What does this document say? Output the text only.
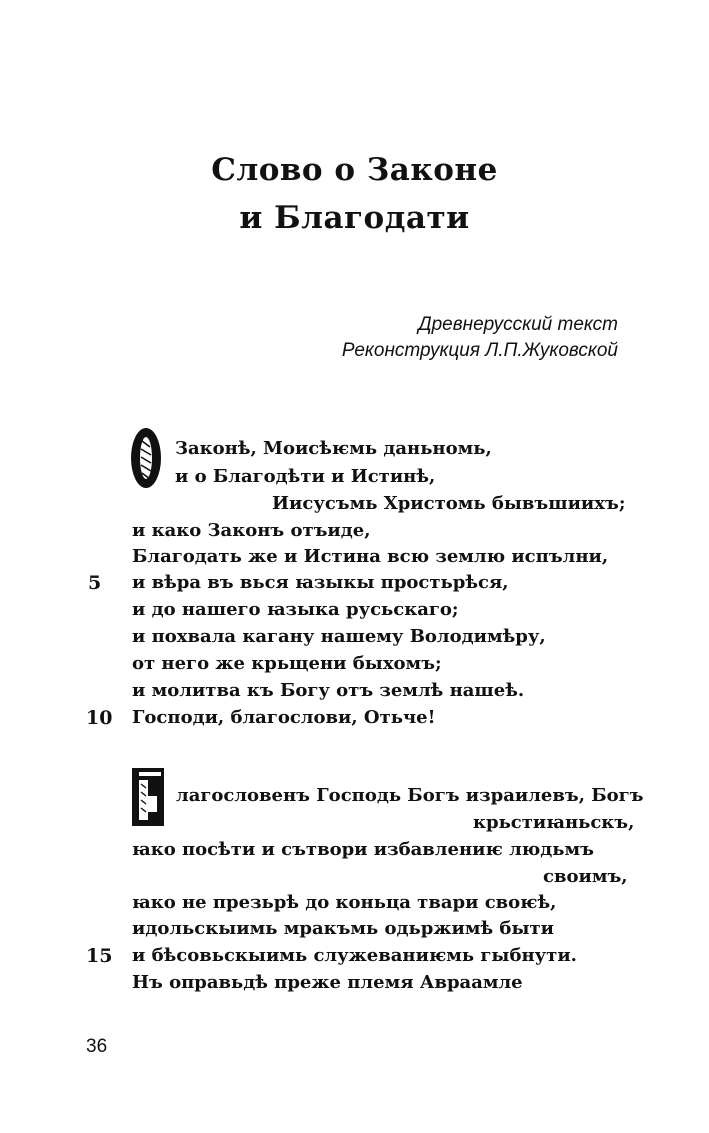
Слово о Законе
и Благодати
Древнерусский текст
Реконструкция Л.П.Жуковской
Законѣ, Моисѣѥмь даньномь,
и о Благодѣти и Истинѣ,
Иисусъмь Христомь бывъшиихъ;
и како Законъ отъиде,
Благодать же и Истина всю землю испълни,
и вѣра въ вься ꙗзыкы простьрѣся,
и до нашего ꙗзыка русьскаго;
и похвала кагану нашему Володимѣру,
от него же крьщени быхомъ;
и молитва къ Богу отъ землѣ нашеѣ.
Господи, благослови, Отьче!
5
10
15
лагословенъ Господь Богъ израилевъ, Богъ
крьстиꙗньскъ,
ꙗко посѣти и сътвори избавлениѥ людьмъ
своимъ,
ꙗко не презьрѣ до коньца твари своѥѣ,
идольскыимь мракъмь одьржимѣ быти
и бѣсовьскыимь служеваниѥмь гыбнути.
Нъ оправьдѣ преже племя Авраамле
36
